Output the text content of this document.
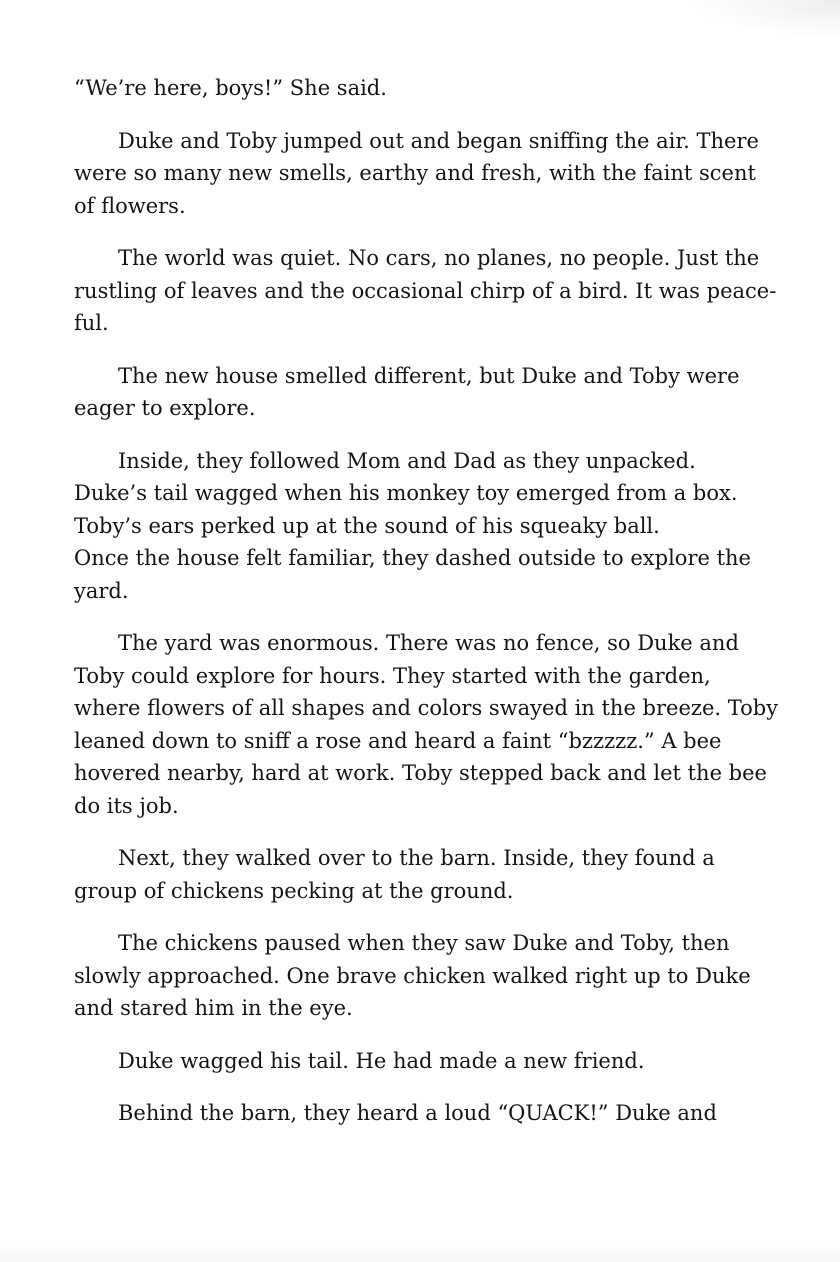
“We’re here, boys!” She said.

Duke and Toby jumped out and began sniffing the air. There
were so many new smells, earthy and fresh, with the faint scent
of flowers.

The world was quiet. No cars, no planes, no people. Just the
rustling of leaves and the occasional chirp of a bird. It was peace-
ful.

The new house smelled different, but Duke and Toby were
eager to explore.

Inside, they followed Mom and Dad as they unpacked.
Duke’s tail wagged when his monkey toy emerged from a box.
Toby’s ears perked up at the sound of his squeaky ball.
Once the house felt familiar, they dashed outside to explore the
yard.

The yard was enormous. There was no fence, so Duke and
Toby could explore for hours. They started with the garden,
where flowers of all shapes and colors swayed in the breeze. Toby
leaned down to sniff a rose and heard a faint “bzzzzz.” A bee
hovered nearby, hard at work. Toby stepped back and let the bee
do its job.

Next, they walked over to the barn. Inside, they found a
group of chickens pecking at the ground.

The chickens paused when they saw Duke and Toby, then
slowly approached. One brave chicken walked right up to Duke
and stared him in the eye.

Duke wagged his tail. He had made a new friend.

Behind the barn, they heard a loud “QUACK!” Duke and
